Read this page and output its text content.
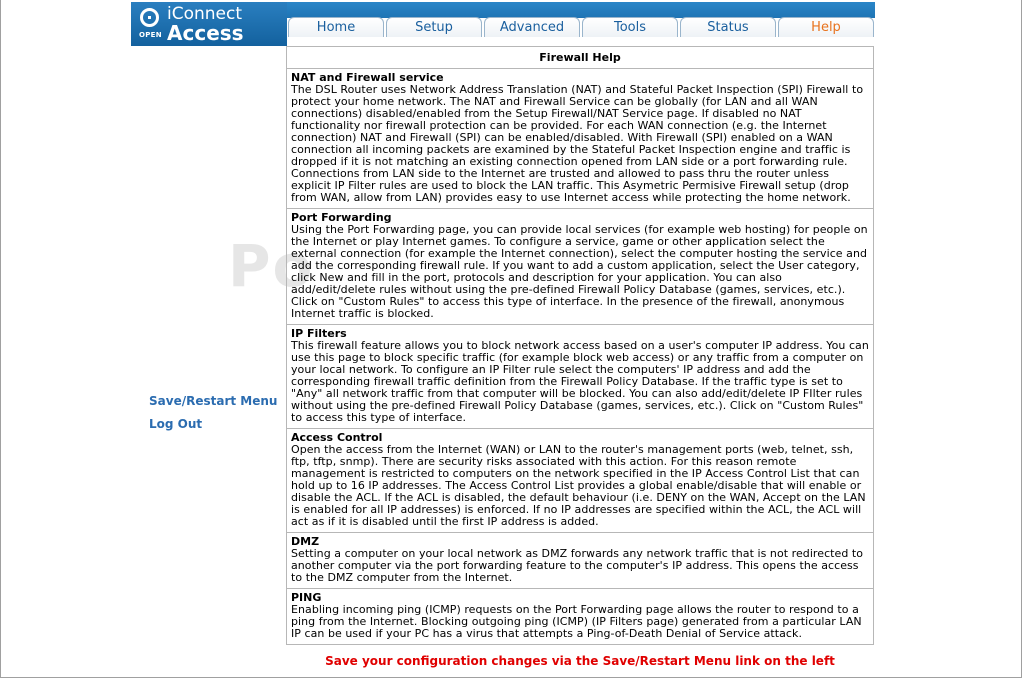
OPEN
iConnect
Access	Home	Setup	Advanced	Tools	Status	Help
Save/Restart Menu
Log Out
Po
Firewall Help
NAT and Firewall service
The DSL Router uses Network Address Translation (NAT) and Stateful Packet Inspection (SPI) Firewall to protect your home network. The NAT and Firewall Service can be globally (for LAN and all WAN connections) disabled/enabled from the Setup Firewall/NAT Service page. If disabled no NAT functionality nor firewall protection can be provided. For each WAN connection (e.g. the Internet connection) NAT and Firewall (SPI) can be enabled/disabled. With Firewall (SPI) enabled on a WAN connection all incoming packets are examined by the Stateful Packet Inspection engine and traffic is dropped if it is not matching an existing connection opened from LAN side or a port forwarding rule. Connections from LAN side to the Internet are trusted and allowed to pass thru the router unless explicit IP Filter rules are used to block the LAN traffic. This Asymetric Permisive Firewall setup (drop from WAN, allow from LAN) provides easy to use Internet access while protecting the home network.
Port Forwarding
Using the Port Forwarding page, you can provide local services (for example web hosting) for people on the Internet or play Internet games. To configure a service, game or other application select the external connection (for example the Internet connection), select the computer hosting the service and add the corresponding firewall rule. If you want to add a custom application, select the User category, click New and fill in the port, protocols and description for your application. You can also add/edit/delete rules without using the pre-defined Firewall Policy Database (games, services, etc.). Click on "Custom Rules" to access this type of interface. In the presence of the firewall, anonymous Internet traffic is blocked.
IP Filters
This firewall feature allows you to block network access based on a user's computer IP address. You can use this page to block specific traffic (for example block web access) or any traffic from a computer on your local network. To configure an IP Filter rule select the computers' IP address and add the corresponding firewall traffic definition from the Firewall Policy Database. If the traffic type is set to "Any" all network traffic from that computer will be blocked. You can also add/edit/delete IP FIlter rules without using the pre-defined Firewall Policy Database (games, services, etc.). Click on "Custom Rules" to access this type of interface.
Access Control
Open the access from the Internet (WAN) or LAN to the router's management ports (web, telnet, ssh, ftp, tftp, snmp). There are security risks associated with this action. For this reason remote management is restricted to computers on the network specified in the IP Access Control List that can hold up to 16 IP addresses. The Access Control List provides a global enable/disable that will enable or disable the ACL. If the ACL is disabled, the default behaviour (i.e. DENY on the WAN, Accept on the LAN is enabled for all IP addresses) is enforced. If no IP addresses are specified within the ACL, the ACL will act as if it is disabled until the first IP address is added.
DMZ
Setting a computer on your local network as DMZ forwards any network traffic that is not redirected to another computer via the port forwarding feature to the computer's IP address. This opens the access to the DMZ computer from the Internet.
PING
Enabling incoming ping (ICMP) requests on the Port Forwarding page allows the router to respond to a ping from the Internet. Blocking outgoing ping (ICMP) (IP Filters page) generated from a particular LAN IP can be used if your PC has a virus that attempts a Ping-of-Death Denial of Service attack.
Save your configuration changes via the Save/Restart Menu link on the left
